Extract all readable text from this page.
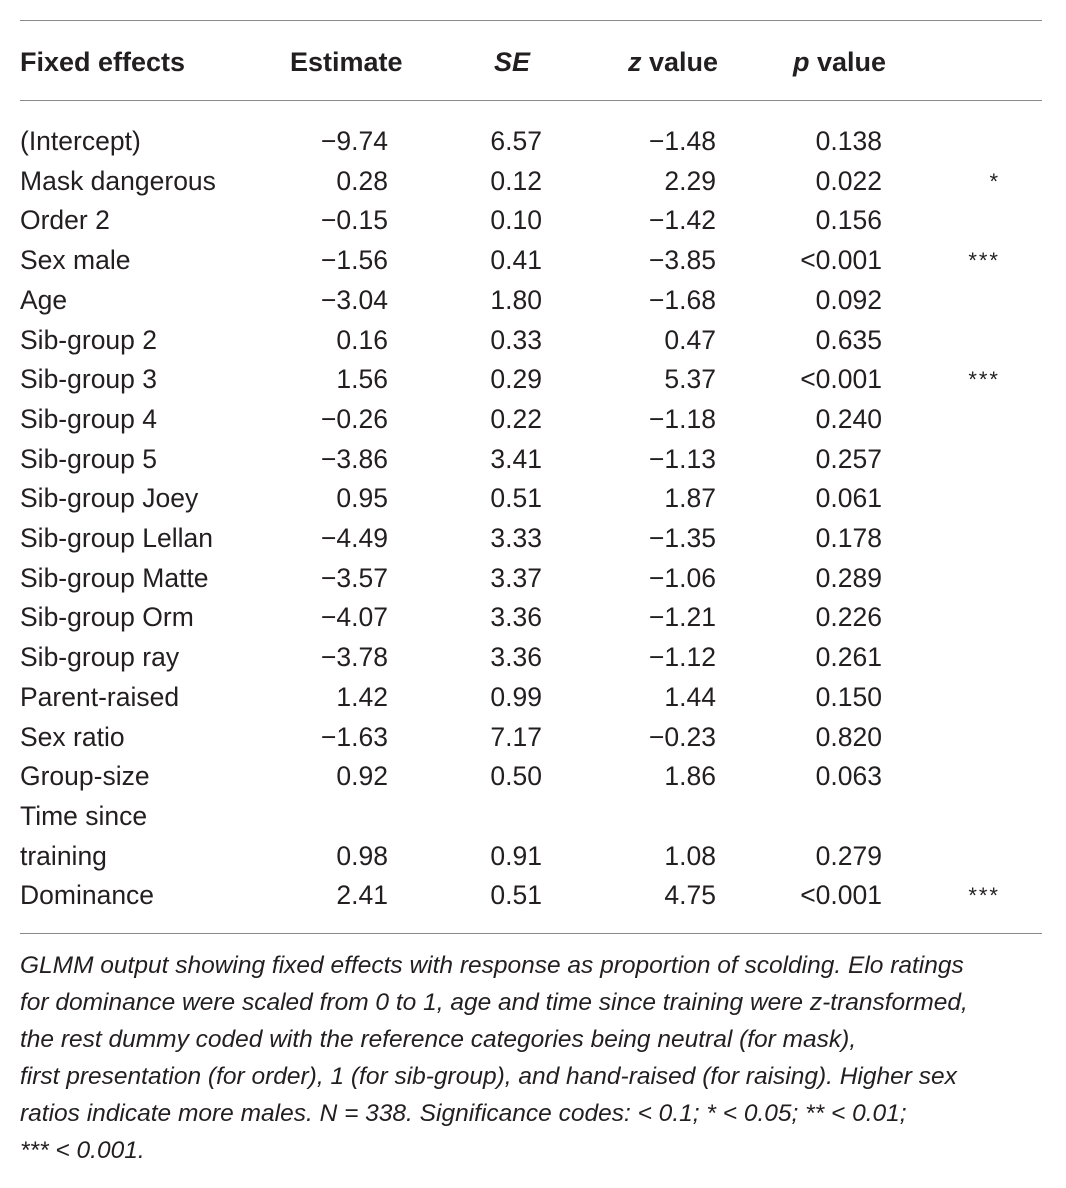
Fixed effects	Estimate	SE	z value	p value
(Intercept)	−9.74	6.57	−1.48	0.138	
Mask dangerous	0.28	0.12	2.29	0.022	*
Order 2	−0.15	0.10	−1.42	0.156	
Sex male	−1.56	0.41	−3.85	<0.001	***
Age	−3.04	1.80	−1.68	0.092	
Sib-group 2	0.16	0.33	0.47	0.635	
Sib-group 3	1.56	0.29	5.37	<0.001	***
Sib-group 4	−0.26	0.22	−1.18	0.240	
Sib-group 5	−3.86	3.41	−1.13	0.257	
Sib-group Joey	0.95	0.51	1.87	0.061	
Sib-group Lellan	−4.49	3.33	−1.35	0.178	
Sib-group Matte	−3.57	3.37	−1.06	0.289	
Sib-group Orm	−4.07	3.36	−1.21	0.226	
Sib-group ray	−3.78	3.36	−1.12	0.261	
Parent-raised	1.42	0.99	1.44	0.150	
Sex ratio	−1.63	7.17	−0.23	0.820	
Group-size	0.92	0.50	1.86	0.063	
Time since					
training	0.98	0.91	1.08	0.279	
Dominance	2.41	0.51	4.75	<0.001	***
GLMM output showing fixed effects with response as proportion of scolding. Elo ratings
for dominance were scaled from 0 to 1, age and time since training were z-transformed,
the rest dummy coded with the reference categories being neutral (for mask),
first presentation (for order), 1 (for sib-group), and hand-raised (for raising). Higher sex
ratios indicate more males. N = 338. Significance codes: < 0.1; * < 0.05; ** < 0.01;
*** < 0.001.
